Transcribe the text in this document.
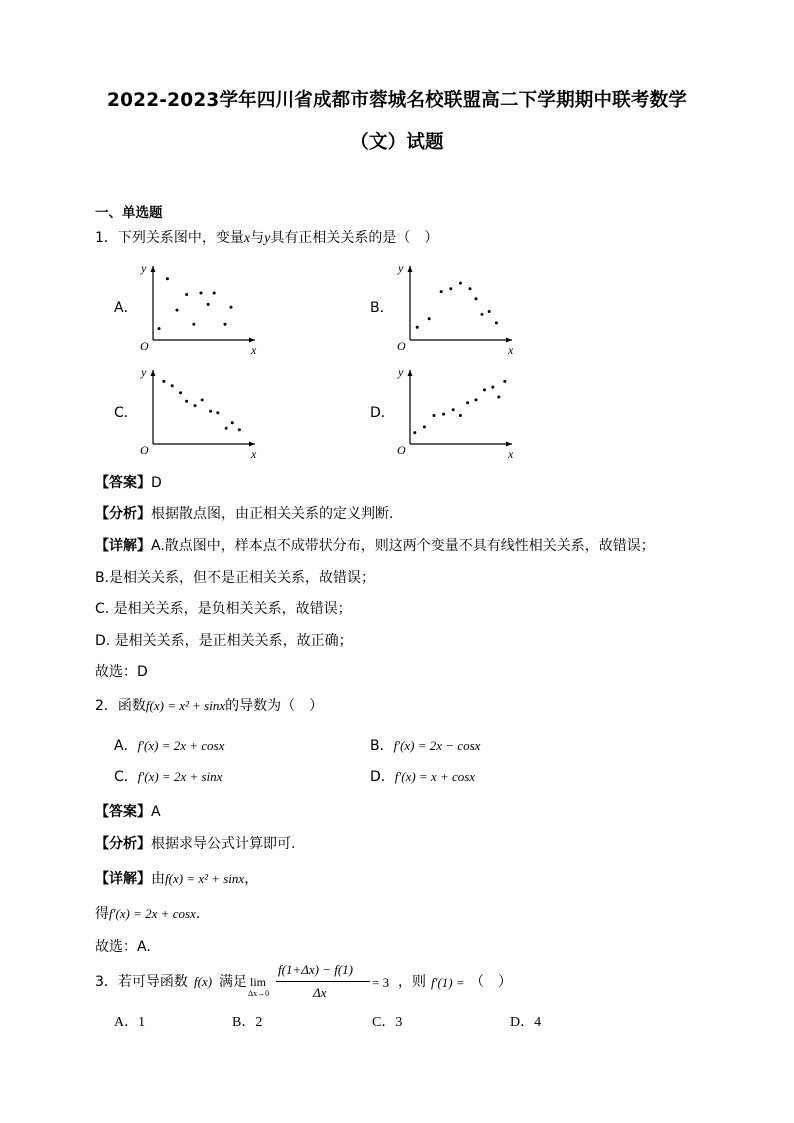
2022-2023学年四川省成都市蓉城名校联盟高二下学期期中联考数学
（文）试题
一、单选题
1．下列关系图中，变量x与y具有正相关关系的是（　）
A．	B．
C．	D．
y
x
O
y
x
O
y
x
O
y
x
O
【答案】D
【分析】根据散点图，由正相关关系的定义判断.
【详解】A.散点图中，样本点不成带状分布，则这两个变量不具有线性相关关系，故错误；
B.是相关关系，但不是正相关关系，故错误；
C. 是相关关系，是负相关关系，故错误；
D. 是相关关系，是正相关关系，故正确；
故选：D
2．函数f(x) = x² + sinx的导数为（　）
A．f′(x) = 2x + cosx	B．f′(x) = 2x − cosx
C．f′(x) = 2x + sinx	D．f′(x) = x + cosx
【答案】A
【分析】根据求导公式计算即可.
【详解】由f(x) = x² + sinx，
得f′(x) = 2x + cosx.
故选：A.
3．若可导函数 f(x) 满足 lim
Δx→0
f(1+Δx) − f(1)
Δx
= 3 ，则 f′(1) = （　）
A．1	B．2	C．3	D．4
